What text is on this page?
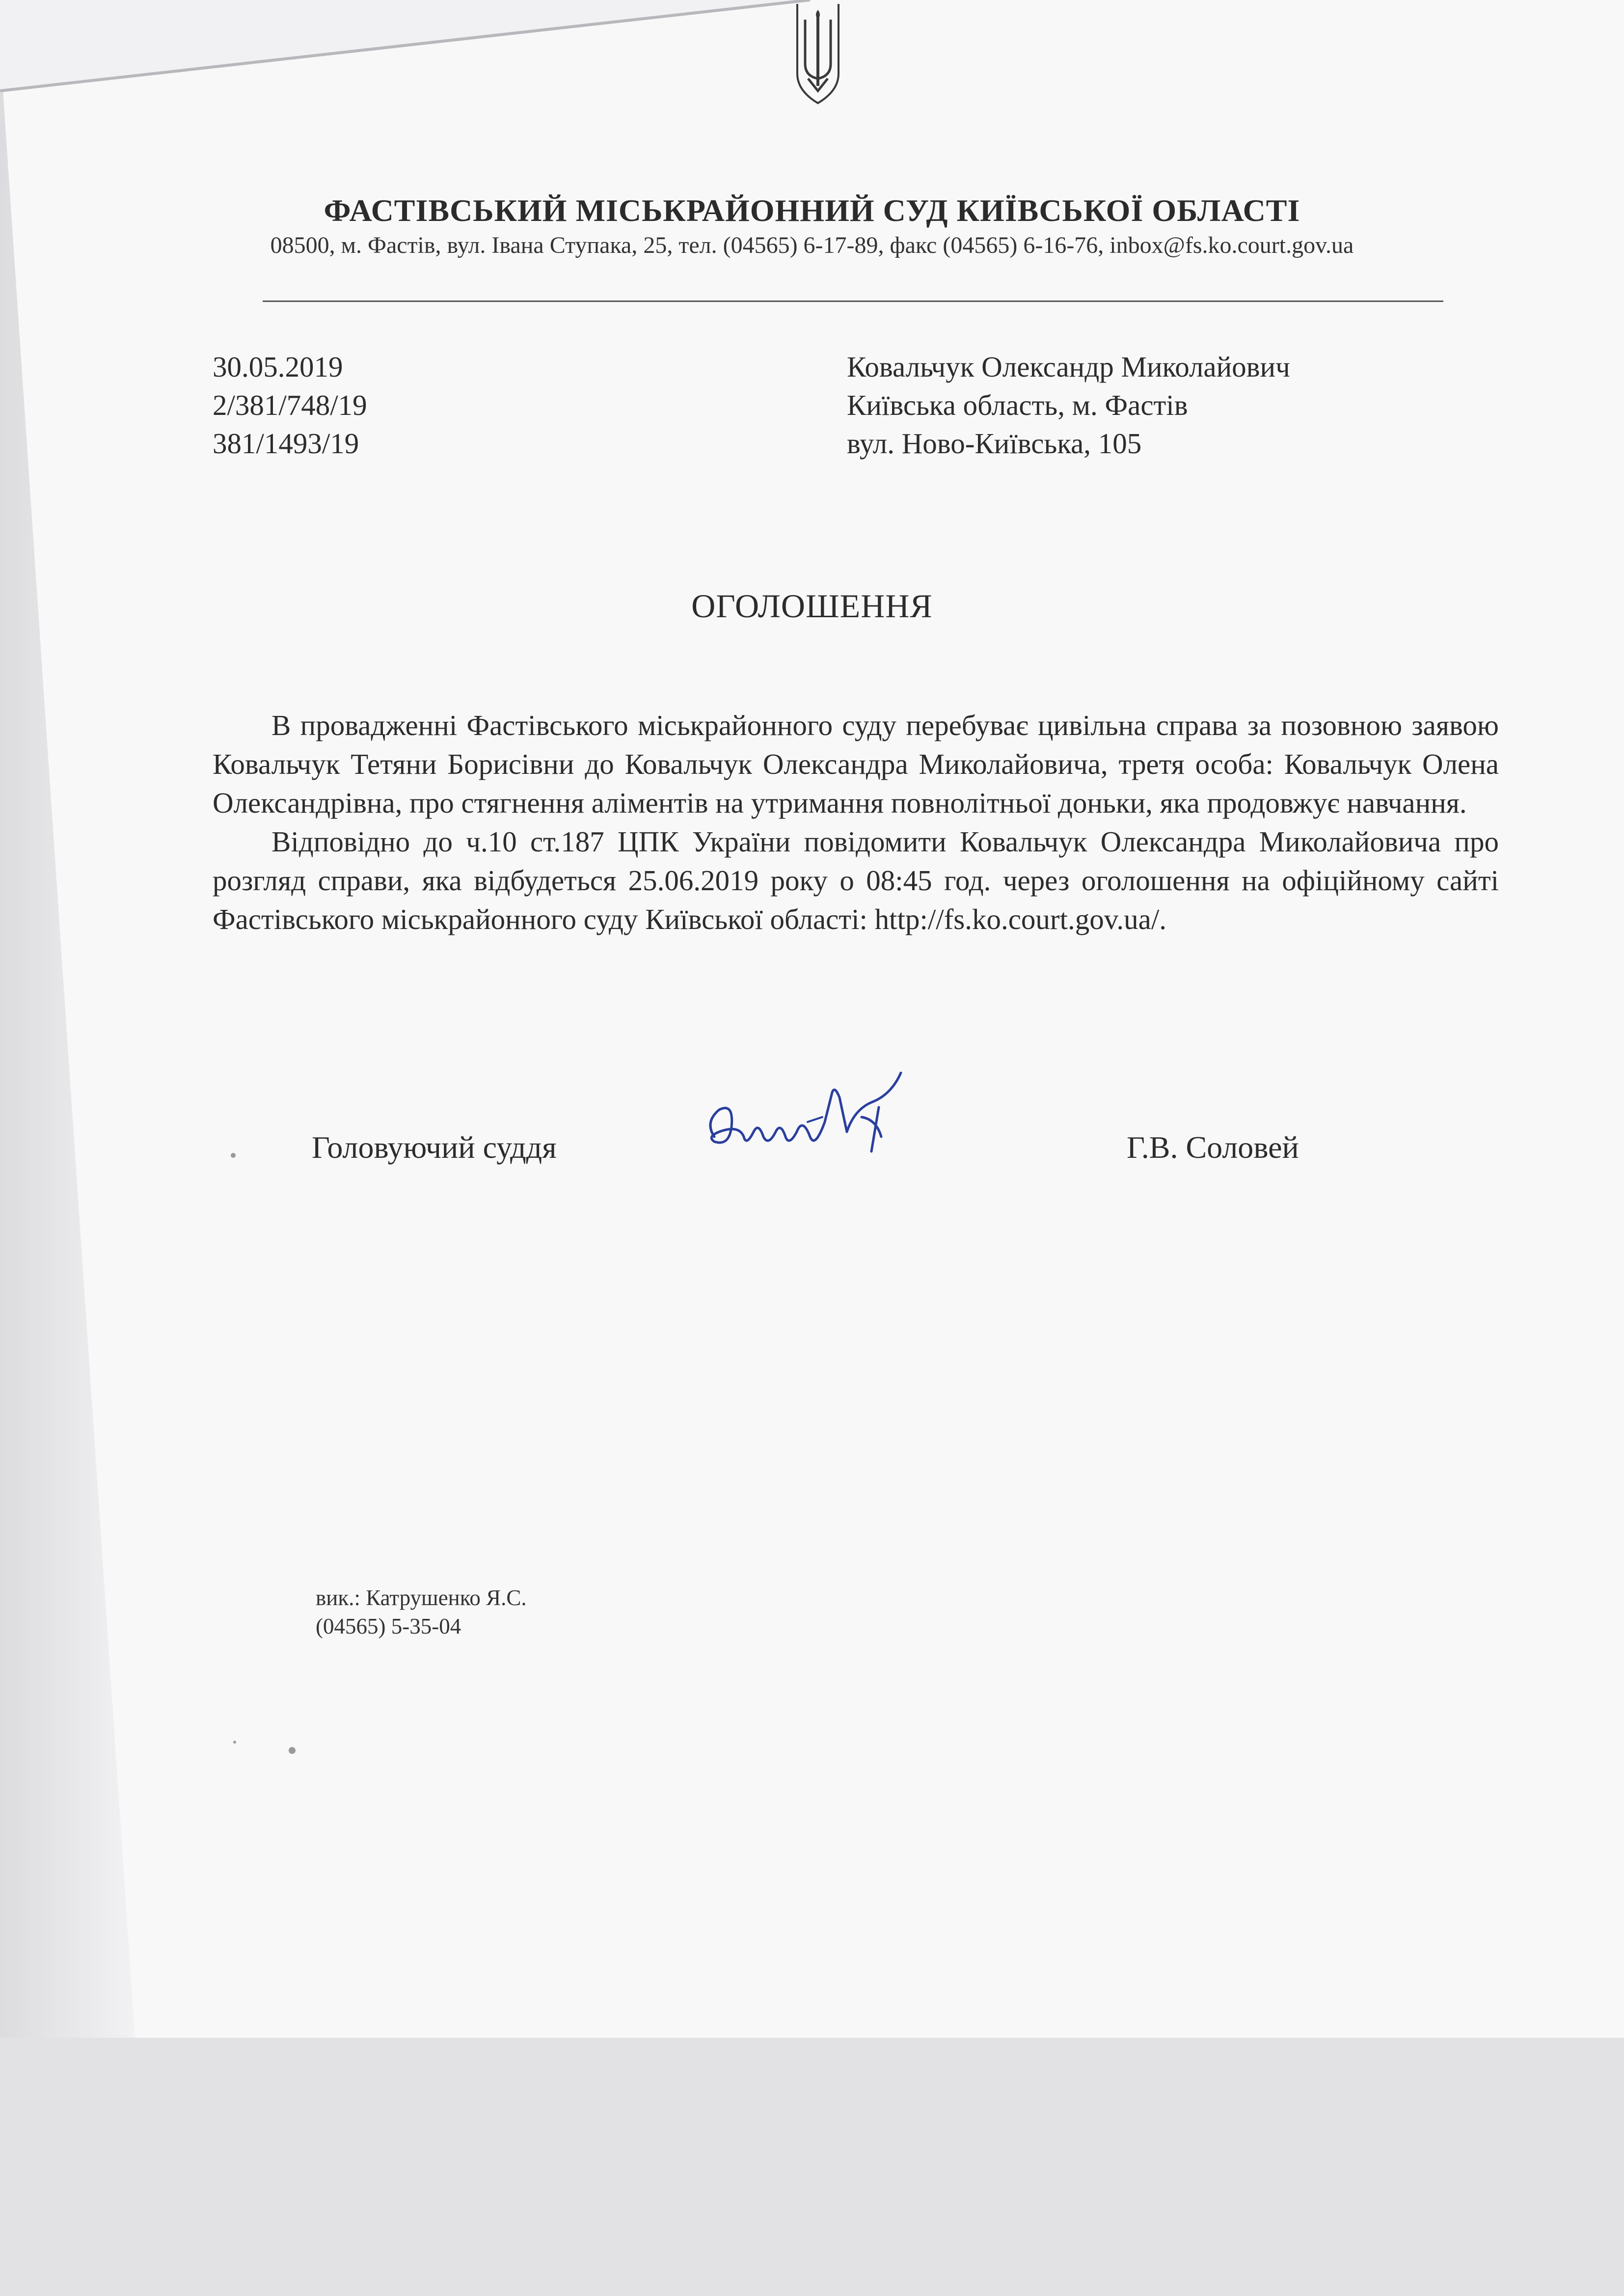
ФАСТІВСЬКИЙ МІСЬКРАЙОННИЙ СУД КИЇВСЬКОЇ ОБЛАСТІ
08500, м. Фастів, вул. Івана Ступака, 25, тел. (04565) 6-17-89, факс (04565) 6-16-76, inbox@fs.ko.court.gov.ua
30.05.2019
2/381/748/19
381/1493/19
Ковальчук Олександр Миколайович
Київська область, м. Фастів
вул. Ново-Київська, 105
ОГОЛОШЕННЯ

В провадженні Фастівського міськрайонного суду перебуває цивільна справа за позовною заявою Ковальчук Тетяни Борисівни до Ковальчук Олександра Миколайовича, третя особа: Ковальчук Олена Олександрівна, про стягнення аліментів на утримання повнолітньої доньки, яка продовжує навчання.

Відповідно до ч.10 ст.187 ЦПК України повідомити Ковальчук Олександра Миколайовича про розгляд справи, яка відбудеться 25.06.2019 року о 08:45 год. через оголошення на офіційному сайті Фастівського міськрайонного суду Київської області: http://fs.ko.court.gov.ua/.

Головуючий суддя	Г.В. Соловей
вик.: Катрушенко Я.С.
(04565) 5-35-04
